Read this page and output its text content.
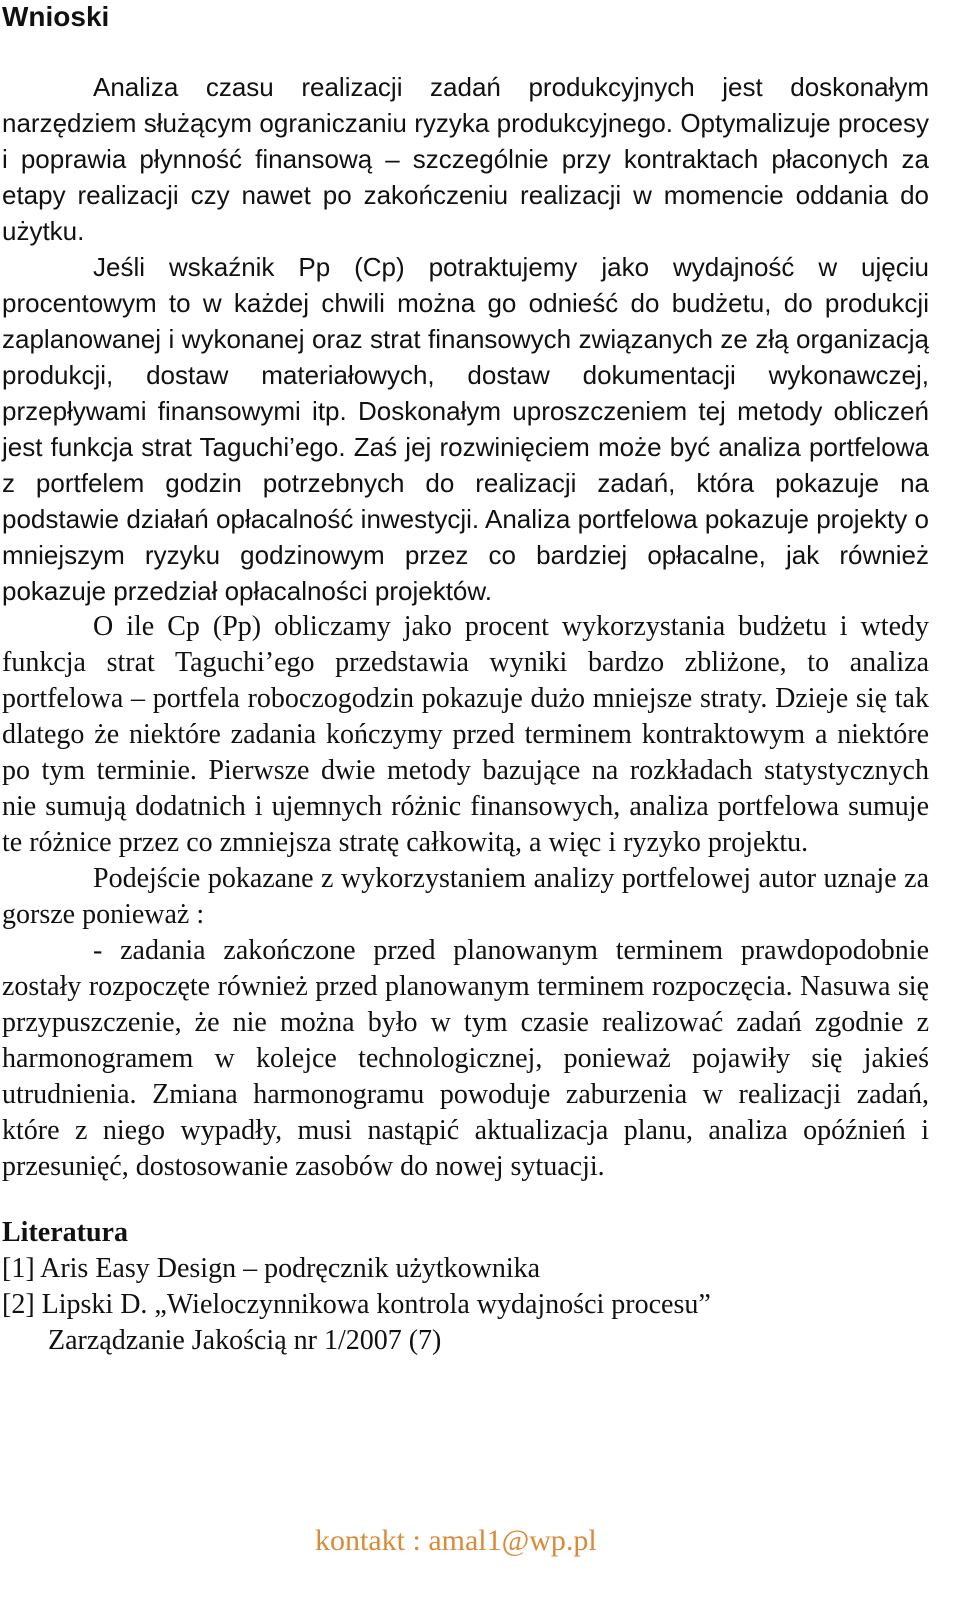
Wnioski

Analiza czasu realizacji zadań produkcyjnych jest doskonałym narzędziem służącym ograniczaniu ryzyka produkcyjnego. Optymalizuje procesy i poprawia płynność finansową – szczególnie przy kontraktach płaconych za etapy realizacji czy nawet po zakończeniu realizacji w momencie oddania do użytku.

Jeśli wskaźnik Pp (Cp) potraktujemy jako wydajność w ujęciu procentowym to w każdej chwili można go odnieść do budżetu, do produkcji zaplanowanej i wykonanej oraz strat finansowych związanych ze złą organizacją produkcji, dostaw materiałowych, dostaw dokumentacji wykonawczej, przepływami finansowymi itp. Doskonałym uproszczeniem tej metody obliczeń jest funkcja strat Taguchi’ego. Zaś jej rozwinięciem może być analiza portfelowa z portfelem godzin potrzebnych do realizacji zadań, która pokazuje na podstawie działań opłacalność inwestycji. Analiza portfelowa pokazuje projekty o mniejszym ryzyku godzinowym przez co bardziej opłacalne, jak również pokazuje przedział opłacalności projektów.

O ile Cp (Pp) obliczamy jako procent wykorzystania budżetu i wtedy funkcja strat Taguchi’ego przedstawia wyniki bardzo zbliżone, to analiza portfelowa – portfela roboczogodzin pokazuje dużo mniejsze straty. Dzieje się tak dlatego że niektóre zadania kończymy przed terminem kontraktowym a niektóre po tym terminie. Pierwsze dwie metody bazujące na rozkładach statystycznych nie sumują dodatnich i ujemnych różnic finansowych, analiza portfelowa sumuje te różnice przez co zmniejsza stratę całkowitą, a więc i ryzyko projektu.

Podejście pokazane z wykorzystaniem analizy portfelowej autor uznaje za gorsze ponieważ :

- zadania zakończone przed planowanym terminem prawdopodobnie zostały rozpoczęte również przed planowanym terminem rozpoczęcia. Nasuwa się przypuszczenie, że nie można było w tym czasie realizować zadań zgodnie z harmonogramem w kolejce technologicznej, ponieważ pojawiły się jakieś utrudnienia. Zmiana harmonogramu powoduje zaburzenia w realizacji zadań, które z niego wypadły, musi nastąpić aktualizacja planu, analiza opóźnień i przesunięć, dostosowanie zasobów do nowej sytuacji.

Literatura

[1] Aris Easy Design – podręcznik użytkownika

[2] Lipski D. „Wieloczynnikowa kontrola wydajności procesu”

Zarządzanie Jakością nr 1/2007 (7)

kontakt : amal1@wp.pl
